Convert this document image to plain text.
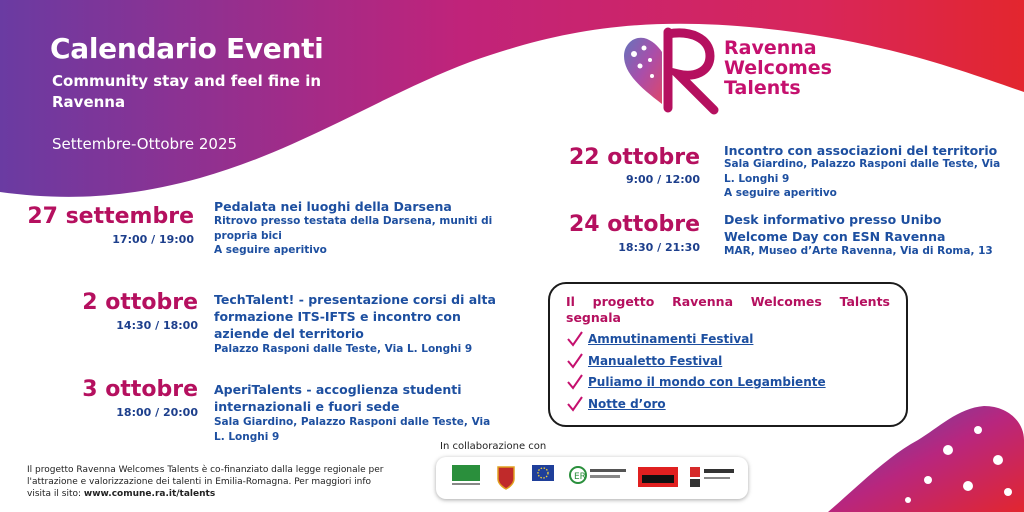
Calendario Eventi
Community stay and feel fine in Ravenna
Settembre-Ottobre 2025
Ravenna
Welcomes
Talents
27 settembre
17:00 / 19:00
Pedalata nei luoghi della Darsena
Ritrovo presso testata della Darsena, muniti di propria bici
A seguire aperitivo
2 ottobre
14:30 / 18:00
TechTalent! - presentazione corsi di alta formazione ITS-IFTS e incontro con aziende del territorio
Palazzo Rasponi dalle Teste, Via L. Longhi 9
3 ottobre
18:00 / 20:00
AperiTalents - accoglienza studenti internazionali e fuori sede
Sala Giardino, Palazzo Rasponi dalle Teste, Via L. Longhi 9
22 ottobre
9:00 / 12:00
Incontro con associazioni del territorio
Sala Giardino, Palazzo Rasponi dalle Teste, Via L. Longhi 9
A seguire aperitivo
24 ottobre
18:30 / 21:30
Desk informativo presso Unibo Welcome Day con ESN Ravenna
MAR, Museo d’Arte Ravenna, Via di Roma, 13
Il progetto Ravenna Welcomes Talents
segnala
Ammutinamenti Festival
Manualetto Festival
Puliamo il mondo con Legambiente
Notte d’oro
In collaborazione con
ER
Il progetto Ravenna Welcomes Talents è co-finanziato dalla legge regionale per l'attrazione e valorizzazione dei talenti in Emilia-Romagna. Per maggiori info visita il sito: www.comune.ra.it/talents
